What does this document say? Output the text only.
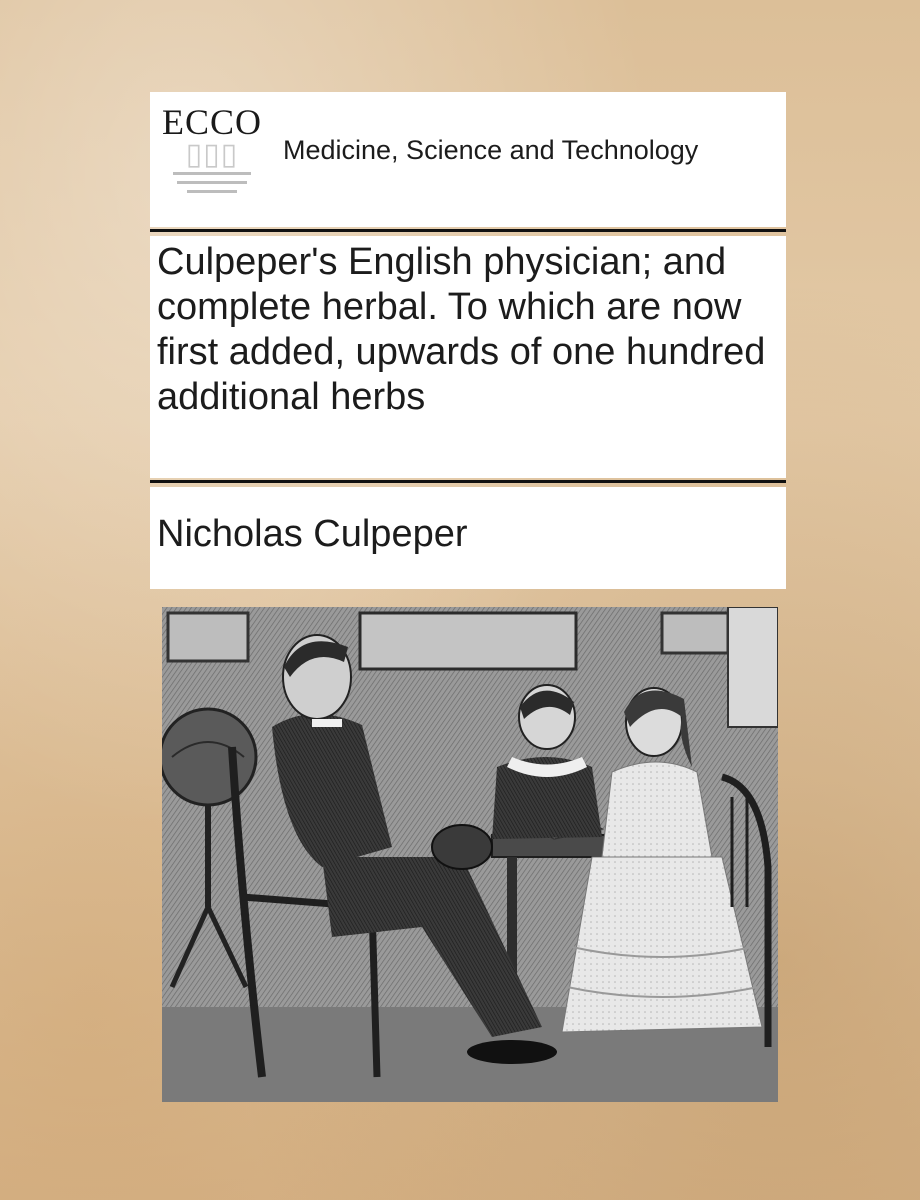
ECCO
▯▯▯	Medicine, Science and Technology
Culpeper's English physician; and complete herbal. To which are now first added, upwards of one hundred additional herbs
Nicholas Culpeper
